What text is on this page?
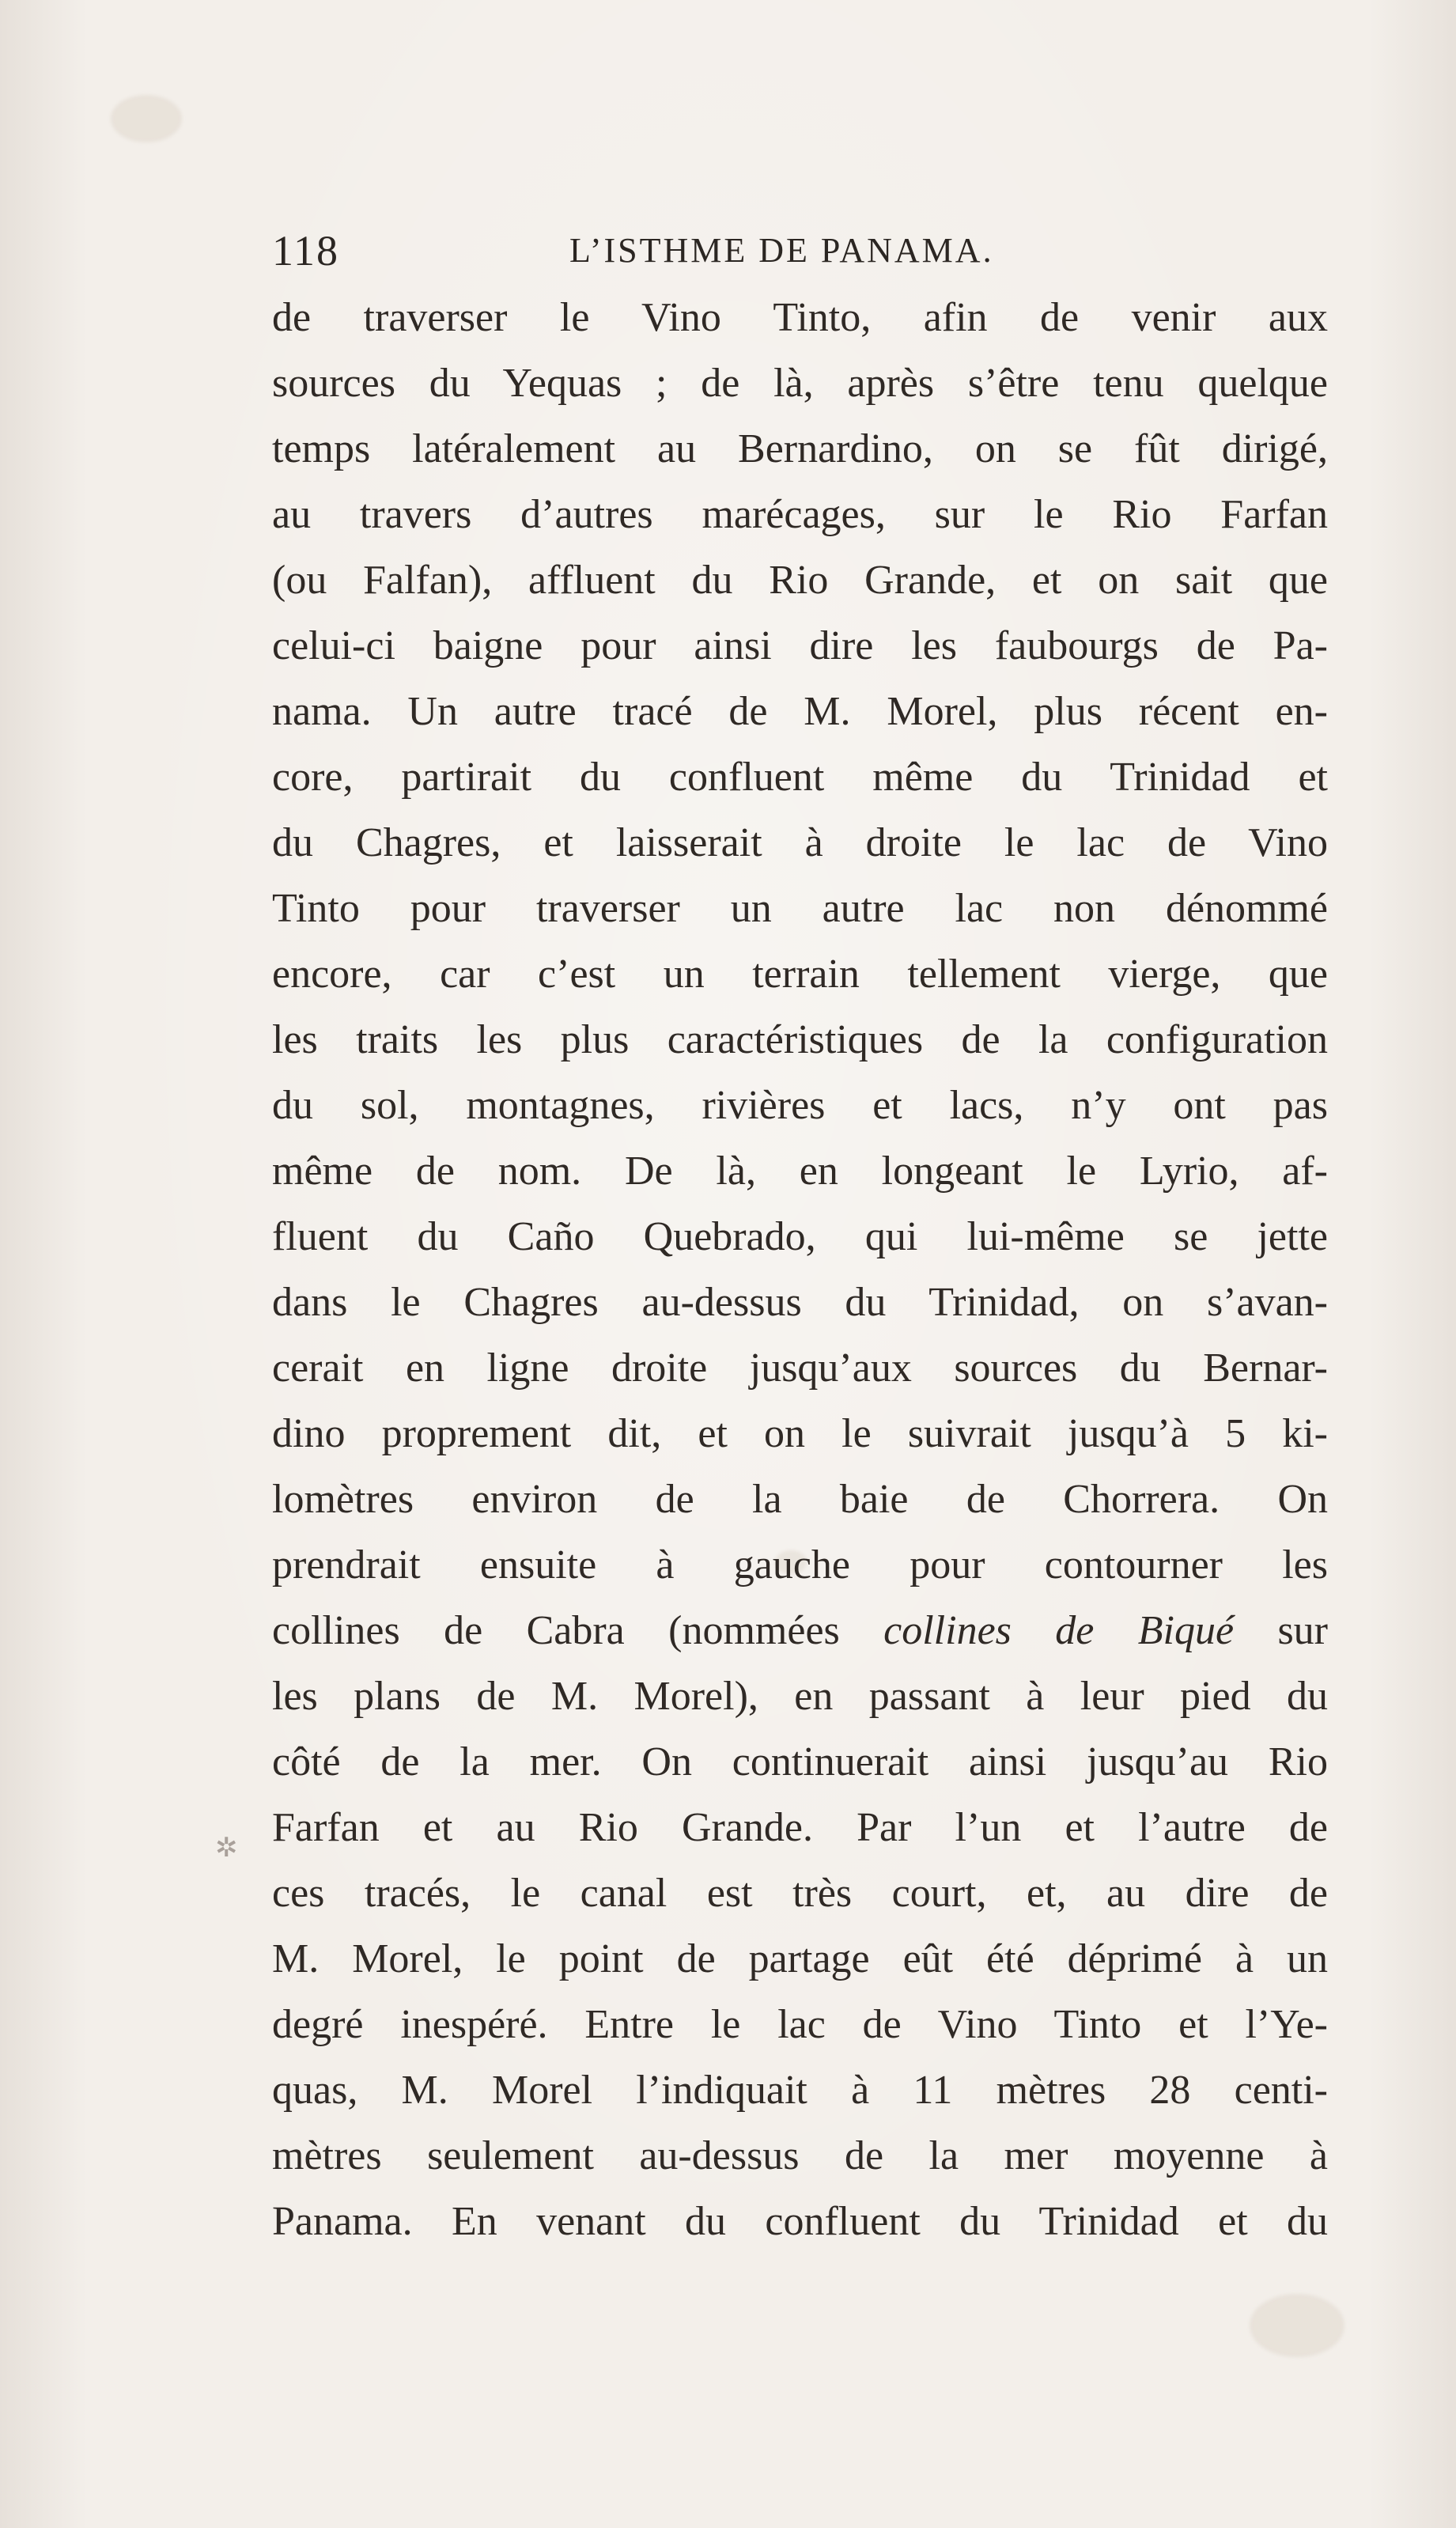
118	L’ISTHME DE PANAMA.
de traverser le Vino Tinto, afin de venir aux
sources du Yequas ; de là, après s’être tenu quelque
temps latéralement au Bernardino, on se fût dirigé,
au travers d’autres marécages, sur le Rio Farfan
(ou Falfan), affluent du Rio Grande, et on sait que
celui-ci baigne pour ainsi dire les faubourgs de Pa-
nama. Un autre tracé de M. Morel, plus récent en-
core, partirait du confluent même du Trinidad et
du Chagres, et laisserait à droite le lac de Vino
Tinto pour traverser un autre lac non dénommé
encore, car c’est un terrain tellement vierge, que
les traits les plus caractéristiques de la configuration
du sol, montagnes, rivières et lacs, n’y ont pas
même de nom. De là, en longeant le Lyrio, af-
fluent du Caño Quebrado, qui lui-même se jette
dans le Chagres au-dessus du Trinidad, on s’avan-
cerait en ligne droite jusqu’aux sources du Bernar-
dino proprement dit, et on le suivrait jusqu’à 5 ki-
lomètres environ de la baie de Chorrera. On
prendrait ensuite à gauche pour contourner les
collines de Cabra (nommées collines de Biqué sur
les plans de M. Morel), en passant à leur pied du
côté de la mer. On continuerait ainsi jusqu’au Rio
Farfan et au Rio Grande. Par l’un et l’autre de
ces tracés, le canal est très court, et, au dire de
M. Morel, le point de partage eût été déprimé à un
degré inespéré. Entre le lac de Vino Tinto et l’Ye-
quas, M. Morel l’indiquait à 11 mètres 28 centi-
mètres seulement au-dessus de la mer moyenne à
Panama. En venant du confluent du Trinidad et du
✲
